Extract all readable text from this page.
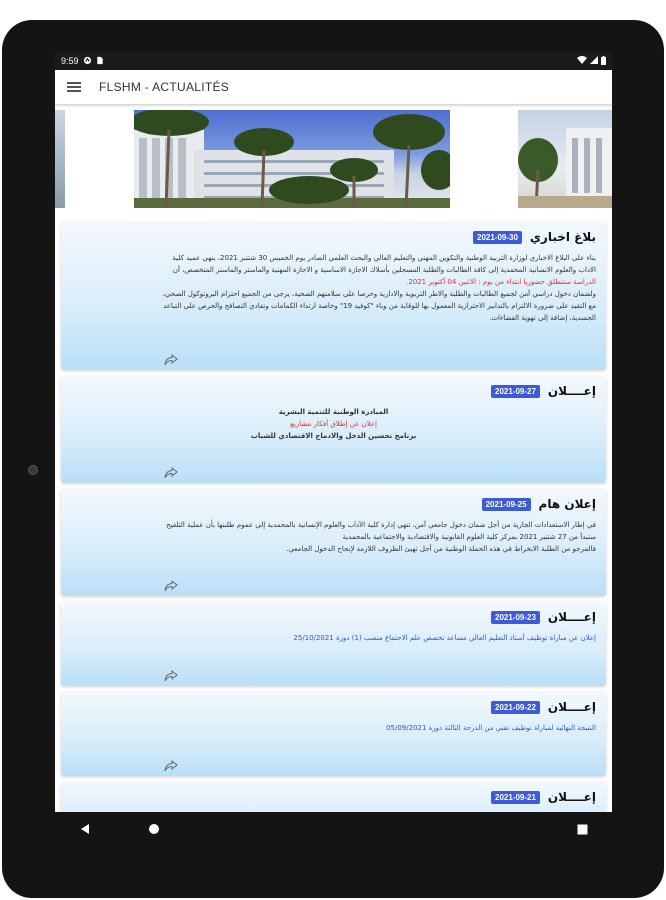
9:59
FLSHM - ACTUALITÉS
بلاغ اخباري
2021-09-30
بناء على البلاغ الاخباري لوزارة التربية الوطنية والتكوين المهني والتعليم العالي والبحث العلمي الصادر يوم الخميس 30 شتنبر 2021، ينهي عميد كلية
الاداب والعلوم الانسانية المحمدية إلى كافة الطالبات والطلبة المسجلين بأسلاك الاجازة الاساسية و الاجازة المهنية والماستر والماستر المتخصص، أن
الدراسة ستنطلق حضوريا ابتداء من يوم : الاثنين 04 أكتوبر 2021.
ولضمان دخول دراسي آمن لجميع الطالبات والطلبة والاطر التربوية والادارية وحرصا على سلامتهم الصحية، يرجى من الجميع احترام البروتوكول الصحي،
مع التقيد على ضرورة الالتزام بالتدابير الاحترازية المعمول بها للوقاية من وباء "كوفيد 19" وخاصة ارتداء الكمامات وتفادي التصافح والحرص على التباعد
الجسدية، إضافة إلى تهوية الفضاءات.
إعــــلان
2021-09-27
المبادرة الوطنية للتنمية البشرية
إعلان عن إطلاق أفكار مشاريع
برنامج تحسين الدخل والادماج الاقتصادي للشباب
إعلان هام
2021-09-25
في إطار الاستعدادات الجارية من أجل ضمان دخول جامعي آمن، تنهي إدارة كلية الآداب والعلوم الإنسانية بالمحمدية إلى عموم طلبتها بأن عملية التلقيح
ستبدأ من 27 شتنبر 2021 بمركز كلية العلوم القانونية والاقتصادية والاجتماعية بالمحمدية
فالمرجو من الطلبة الانخراط في هذه الحملة الوطنية من أجل تهيئ الظروف اللازمة لإنجاح الدخول الجامعي.
إعــــلان
2021-09-23
إعلان عن مباراة توظيف أستاذ التعليم العالي مساعد تخصص علم الاجتماع منصب (1) دورة 25/10/2021
إعــــلان
2021-09-22
النتيجة النهائية لمباراة توظيف تقني من الدرجة الثالثة دورة 05/09/2021
إعــــلان
2021-09-21
